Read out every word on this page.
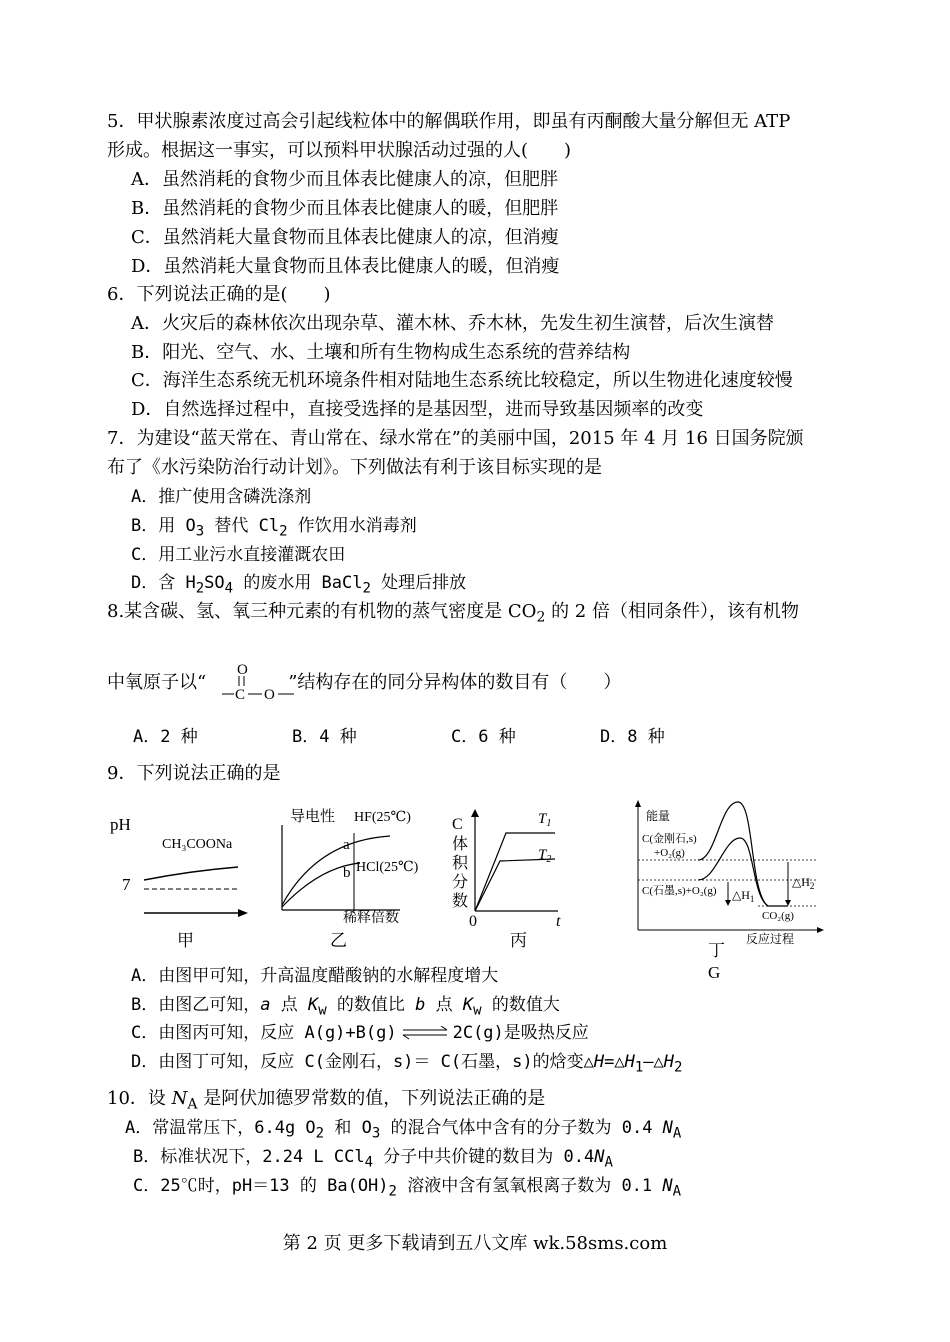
5．甲状腺素浓度过高会引起线粒体中的解偶联作用，即虽有丙酮酸大量分解但无 ATP
形成。根据这一事实，可以预料甲状腺活动过强的人(　　)
A．虽然消耗的食物少而且体表比健康人的凉，但肥胖
B．虽然消耗的食物少而且体表比健康人的暖，但肥胖
C．虽然消耗大量食物而且体表比健康人的凉，但消瘦
D．虽然消耗大量食物而且体表比健康人的暖，但消瘦
6．下列说法正确的是(　　)
A．火灾后的森林依次出现杂草、灌木林、乔木林，先发生初生演替，后次生演替
B．阳光、空气、水、土壤和所有生物构成生态系统的营养结构
C．海洋生态系统无机环境条件相对陆地生态系统比较稳定，所以生物进化速度较慢
D．自然选择过程中，直接受选择的是基因型，进而导致基因频率的改变
7．为建设“蓝天常在、青山常在、绿水常在”的美丽中国，2015 年 4 月 16 日国务院颁
布了《水污染防治行动计划》。下列做法有利于该目标实现的是
A．推广使用含磷洗涤剂
B．用 $O_3$ 替代 $Cl_2$ 作饮用水消毒剂
C．用工业污水直接灌溉农田
D．含 $H_2SO_4$ 的废水用 BaCl$_2$ 处理后排放
8.某含碳、氢、氧三种元素的有机物的蒸气密度是 $CO_2$ 的 2 倍（相同条件），该有机物
中氧原子以“	”结构存在的同分异构体的数目有（　　）
O
C O
A．2 种	B．4 种	C．6 种	D．8 种
9．下列说法正确的是
pH
CH₃COONa
7
甲
导电性 HF(25℃)
a
b HCl(25℃)
稀释倍数
乙
C
体
积
分
数
$T_1$
$T_2$
0	t
丙
能量
C(金刚石,s)
+O₂(g)
C(石墨,s)+O₂(g) $\triangle H_1$
$\triangle H_2$
CO₂(g)
反应过程
丁
G
A．由图甲可知，升高温度醋酸钠的水解程度增大
B．由图乙可知，a 点 $K_w$ 的数值比 b 点 $K_w$ 的数值大
C．由图丙可知，反应 A(g)+B(g) ⇌ 2C(g)是吸热反应
D．由图丁可知，反应 C(金刚石，s)＝ C(石墨，s)的焓变$\triangle H=\triangle H_1—\triangle H_2$
10．设 $N_A$ 是阿伏加德罗常数的值，下列说法正确的是
A．常温常压下，6.4g $O_2$ 和 $O_3$ 的混合气体中含有的分子数为 0.4 $N_A$
B．标准状况下，2.24 L CCl$_4$ 分子中共价键的数目为 $0.4N_A$
C．25℃时，pH＝13 的 $Ba(OH)_2$ 溶液中含有氢氧根离子数为 0.1 $N_A$
第 2 页 更多下载请到五八文库 wk.58sms.com
